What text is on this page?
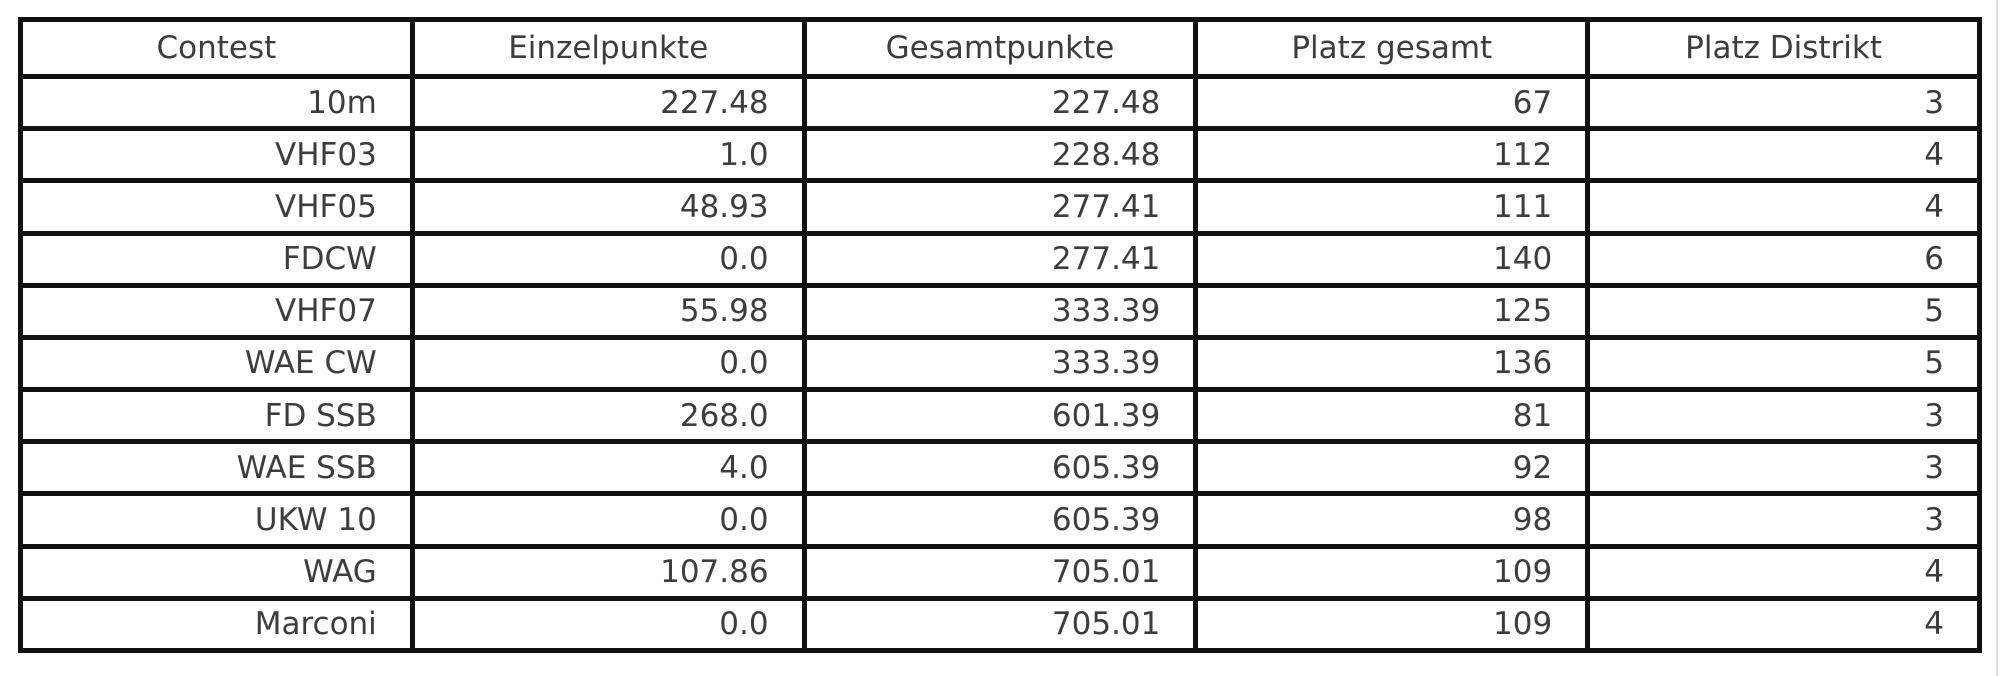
Contest	Einzelpunkte	Gesamtpunkte	Platz gesamt	Platz Distrikt
10m	227.48	227.48	67	3
VHF03	1.0	228.48	112	4
VHF05	48.93	277.41	111	4
FDCW	0.0	277.41	140	6
VHF07	55.98	333.39	125	5
WAE CW	0.0	333.39	136	5
FD SSB	268.0	601.39	81	3
WAE SSB	4.0	605.39	92	3
UKW 10	0.0	605.39	98	3
WAG	107.86	705.01	109	4
Marconi	0.0	705.01	109	4
